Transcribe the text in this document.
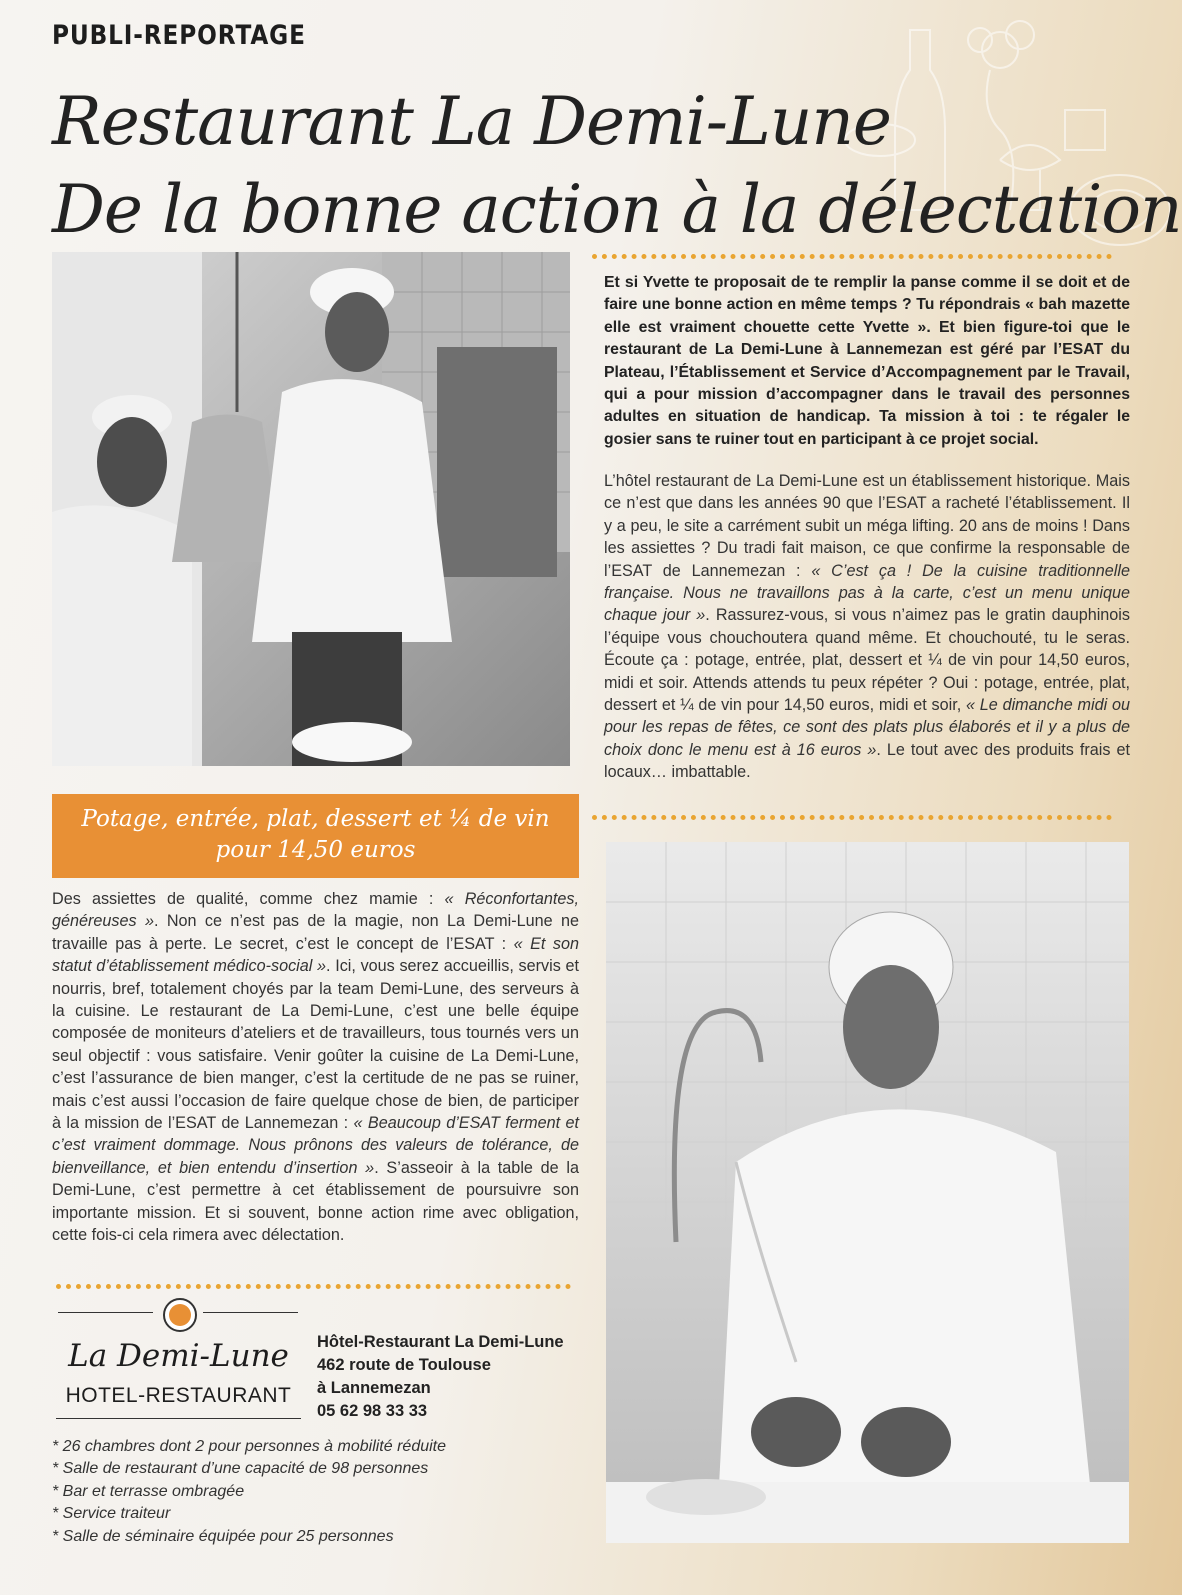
PUBLI-REPORTAGE
Restaurant La Demi-Lune
De la bonne action à la délectation
Et si Yvette te proposait de te remplir la panse comme il se doit et de faire une bonne action en même temps ? Tu répondrais « bah mazette elle est vraiment chouette cette Yvette ». Et bien figure-toi que le restaurant de La Demi-Lune à Lannemezan est géré par l’ESAT du Plateau, l’Établissement et Service d’Accompagnement par le Travail, qui a pour mission d’accompagner dans le travail des personnes adultes en situation de handicap. Ta mission à toi : te régaler le gosier sans te ruiner tout en participant à ce projet social.
L’hôtel restaurant de La Demi-Lune est un établissement historique. Mais ce n’est que dans les années 90 que l’ESAT a racheté l’établissement. Il y a peu, le site a carrément subit un méga lifting. 20 ans de moins ! Dans les assiettes ? Du tradi fait maison, ce que confirme la responsable de l’ESAT de Lannemezan : « C’est ça ! De la cuisine traditionnelle française. Nous ne travaillons pas à la carte, c’est un menu unique chaque jour ». Rassurez-vous, si vous n’aimez pas le gratin dauphinois l’équipe vous chouchoutera quand même. Et chouchouté, tu le seras. Écoute ça : potage, entrée, plat, dessert et ¼ de vin pour 14,50 euros, midi et soir. Attends attends tu peux répéter ? Oui : potage, entrée, plat, dessert et ¼ de vin pour 14,50 euros, midi et soir, « Le dimanche midi ou pour les repas de fêtes, ce sont des plats plus élaborés et il y a plus de choix donc le menu est à 16 euros ». Le tout avec des produits frais et locaux… imbattable.
Potage, entrée, plat, dessert et ¼ de vin
pour 14,50 euros
Des assiettes de qualité, comme chez mamie : « Réconfortantes, généreuses ». Non ce n’est pas de la magie, non La Demi-Lune ne travaille pas à perte. Le secret, c’est le concept de l’ESAT : « Et son statut d’établissement médico-social ». Ici, vous serez accueillis, servis et nourris, bref, totalement choyés par la team Demi-Lune, des serveurs à la cuisine. Le restaurant de La Demi-Lune, c’est une belle équipe composée de moniteurs d’ateliers et de travailleurs, tous tournés vers un seul objectif : vous satisfaire. Venir goûter la cuisine de La Demi-Lune, c’est l’assurance de bien manger, c’est la certitude de ne pas se ruiner, mais c’est aussi l’occasion de faire quelque chose de bien, de participer à la mission de l’ESAT de Lannemezan : « Beaucoup d’ESAT ferment et c’est vraiment dommage. Nous prônons des valeurs de tolérance, de bienveillance, et bien entendu d’insertion ». S’asseoir à la table de la Demi-Lune, c’est permettre à cet établissement de poursuivre son importante mission. Et si souvent, bonne action rime avec obligation, cette fois-ci cela rimera avec délectation.
La Demi-Lune
HOTEL-RESTAURANT
Hôtel-Restaurant La Demi-Lune
462 route de Toulouse
à Lannemezan
05 62 98 33 33
* 26 chambres dont 2 pour personnes à mobilité réduite
* Salle de restaurant d’une capacité de 98 personnes
* Bar et terrasse ombragée
* Service traiteur
* Salle de séminaire équipée pour 25 personnes
